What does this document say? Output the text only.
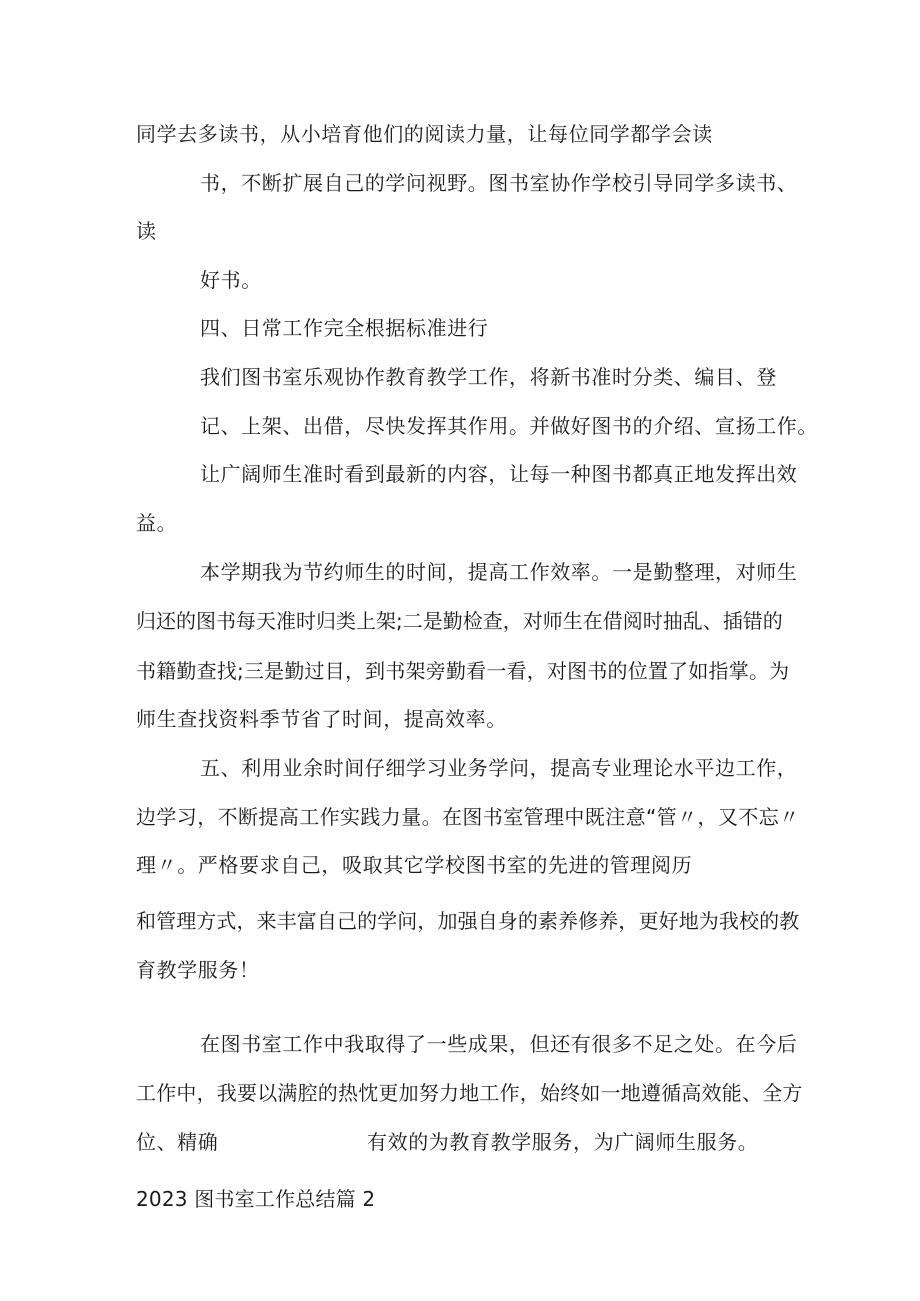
同学去多读书，从小培育他们的阅读力量，让每位同学都学会读
书，不断扩展自己的学问视野。图书室协作学校引导同学多读书、
读
好书。
四、日常工作完全根据标准进行
我们图书室乐观协作教育教学工作，将新书准时分类、编目、登
记、上架、出借，尽快发挥其作用。并做好图书的介绍、宣扬工作。
让广阔师生准时看到最新的内容，让每一种图书都真正地发挥出效
益。
本学期我为节约师生的时间，提高工作效率。一是勤整理，对师生
归还的图书每天准时归类上架;二是勤检查，对师生在借阅时抽乱、插错的
书籍勤查找;三是勤过目，到书架旁勤看一看，对图书的位置了如指掌。为
师生查找资料季节省了时间，提高效率。
五、利用业余时间仔细学习业务学问，提高专业理论水平边工作，
边学习，不断提高工作实践力量。在图书室管理中既注意“管〃，又不忘〃
理〃。严格要求自己，吸取其它学校图书室的先进的管理阅历
和管理方式，来丰富自己的学问，加强自身的素养修养，更好地为我校的教
育教学服务！
在图书室工作中我取得了一些成果，但还有很多不足之处。在今后
工作中，我要以满腔的热忱更加努力地工作，始终如一地遵循高效能、全方
位、精确	有效的为教育教学服务，为广阔师生服务。
2023 图书室工作总结篇 2
